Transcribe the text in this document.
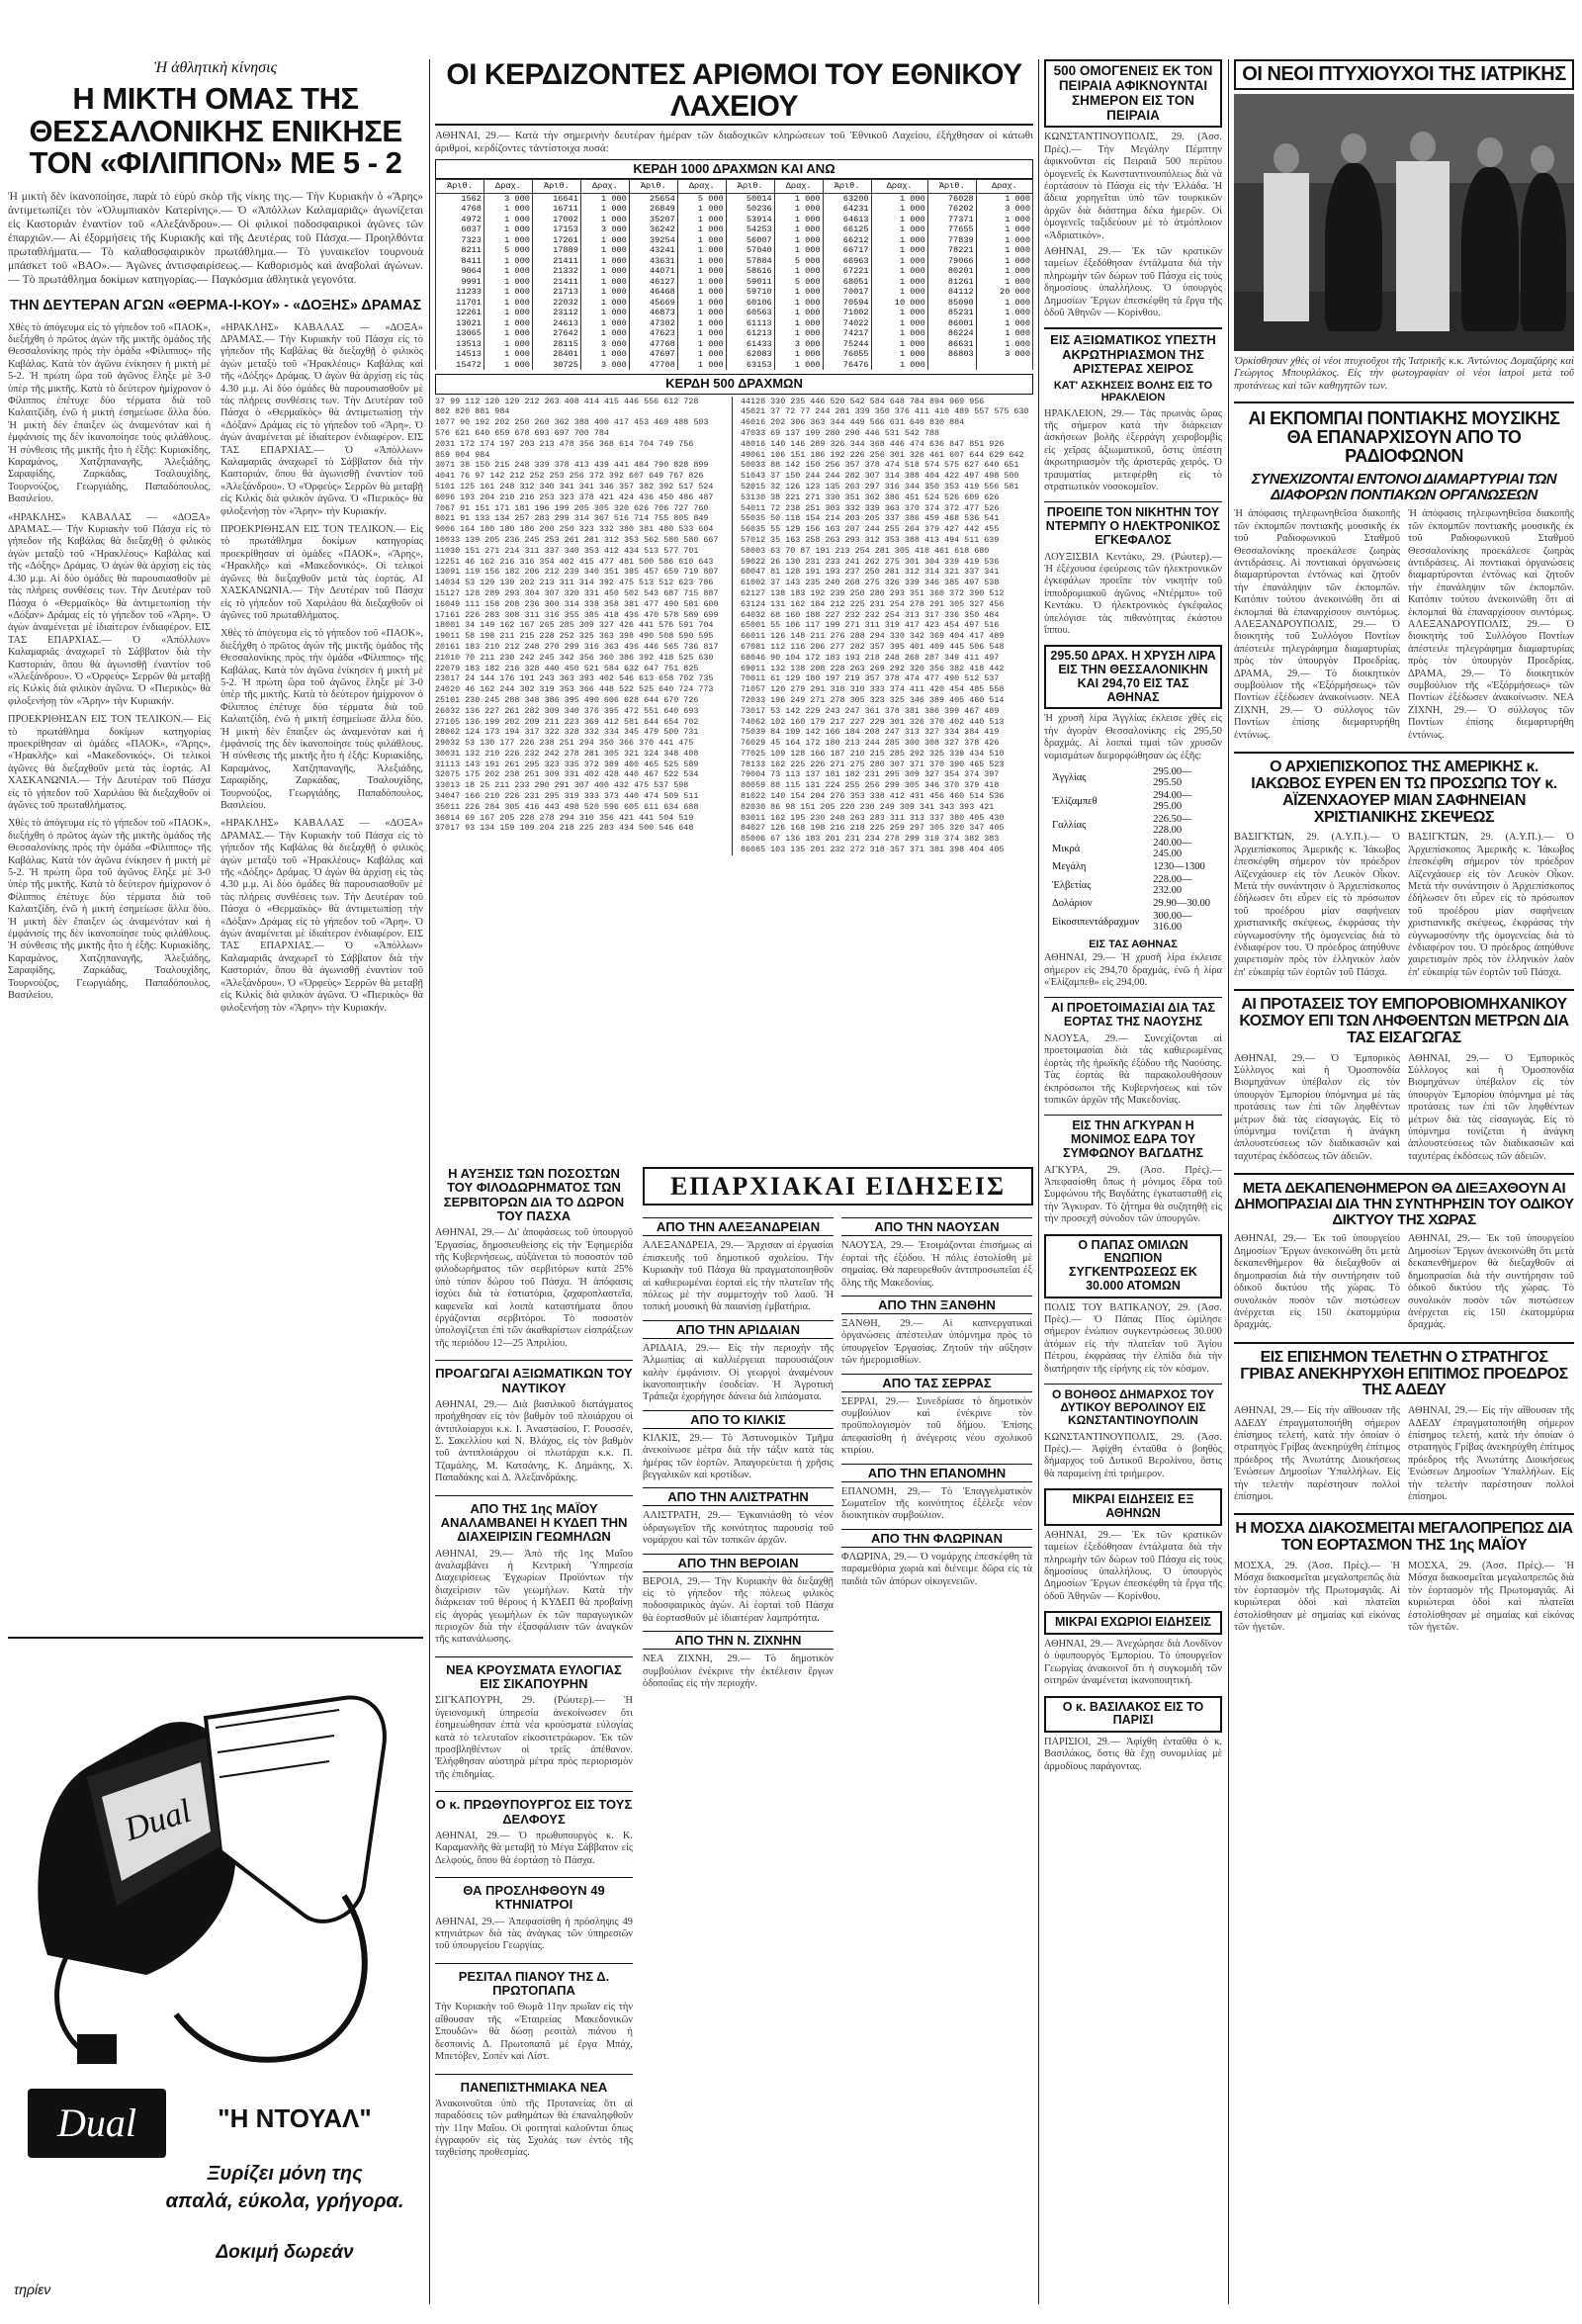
Ἡ ἀθλητικὴ κίνησις
Η ΜΙΚΤΗ ΟΜΑΣ ΤΗΣ ΘΕΣΣΑΛΟΝΙΚΗΣ ΕΝΙΚΗΣΕ ΤΟΝ «ΦΙΛΙΠΠΟΝ» ΜΕ 5 - 2
Ἡ μικτὴ δὲν ἱκανοποίησε, παρὰ τὸ εὐρὺ σκὸρ τῆς νίκης της.— Τὴν Κυριακὴν ὁ «Ἄρης» ἀντιμετωπίζει τὸν «Ὀλυμπιακὸν Κατερίνης».— Ὁ «Ἀπόλλων Καλαμαριᾶς» ἀγωνίζεται εἰς Καστοριὰν ἐναντίον τοῦ «Αλεξάνδρου».— Οἱ φιλικοὶ ποδοσφαιρικοὶ ἀγῶνες τῶν ἐπαρχιῶν.— Αἱ ἐξορμήσεις τῆς Κυριακῆς καὶ τῆς Δευτέρας τοῦ Πάσχα.— Προηλθόντα πρωταθλήματα.— Τὸ καλαθοσφαιρικὸν πρωτάθλημα.— Τὸ γυναικεῖον τουρνουὰ μπάσκετ τοῦ «ΒΑΟ».— Ἀγῶνες ἀντισφαιρίσεως.— Καθορισμὸς καὶ ἀναβολαὶ ἀγώνων.— Τὸ πρωτάθλημα δοκίμων κατηγορίας.— Παγκόσμια ἀθλητικὰ γεγονότα.
ΤΗΝ ΔΕΥΤΕΡΑΝ ΑΓΩΝ «ΘΕΡΜΑ-Ι-ΚΟΥ» - «ΔΟΞΗΣ» ΔΡΑΜΑΣ
Χθὲς τὸ ἀπόγευμα εἰς τὸ γήπεδον τοῦ «ΠΑΟΚ», διεξήχθη ὁ πρῶτος ἀγὼν τῆς μικτῆς ὁμάδος τῆς Θεσσαλονίκης πρὸς τὴν ὁμάδα «Φίλιππος» τῆς Καβάλας. Κατὰ τὸν ἀγῶνα ἐνίκησεν ἡ μικτὴ μὲ 5-2. Ἡ πρώτη ὥρα τοῦ ἀγῶνος ἔληξε μὲ 3-0 ὑπὲρ τῆς μικτῆς. Κατὰ τὸ δεύτερον ἡμίχρονον ὁ Φίλιππος ἐπέτυχε δύο τέρματα διὰ τοῦ Καλαιτζίδη, ἐνῶ ἡ μικτὴ ἐσημείωσε ἄλλα δύο. Ἡ μικτὴ δὲν ἔπαιξεν ὡς ἀναμενόταν καὶ ἡ ἐμφάνισίς της δὲν ἱκανοποίησε τοὺς φιλάθλους. Ἡ σύνθεσις τῆς μικτῆς ἦτο ἡ ἑξῆς: Κυριακίδης, Καραμάνος, Χατζηπαναγῆς, Ἀλεξιάδης, Σαραφίδης, Ζαρκάδας, Τσαλουχίδης, Τουρνούζος, Γεωργιάδης, Παπαδόπουλος, Βασιλείου.
«ΗΡΑΚΛΗΣ» ΚΑΒΑΛΑΣ — «ΔΟΞΑ» ΔΡΑΜΑΣ.— Τὴν Κυριακὴν τοῦ Πάσχα εἰς τὸ γήπεδον τῆς Καβάλας θὰ διεξαχθῇ ὁ φιλικὸς ἀγὼν μεταξὺ τοῦ «Ἡρακλέους» Καβάλας καὶ τῆς «Δόξης» Δράμας. Ὁ ἀγὼν θὰ ἀρχίσῃ εἰς τὰς 4.30 μ.μ. Αἱ δύο ὁμάδες θὰ παρουσιασθοῦν μὲ τὰς πλήρεις συνθέσεις των. Τὴν Δευτέραν τοῦ Πάσχα ὁ «Θερμαϊκὸς» θὰ ἀντιμετωπίσῃ τὴν «Δόξαν» Δράμας εἰς τὸ γήπεδον τοῦ «Ἄρη». Ὁ ἀγὼν ἀναμένεται μὲ ἰδιαίτερον ἐνδιαφέρον. ΕΙΣ ΤΑΣ ΕΠΑΡΧΙΑΣ.— Ὁ «Ἀπόλλων» Καλαμαριᾶς ἀναχωρεῖ τὸ Σάββατον διὰ τὴν Καστοριάν, ὅπου θὰ ἀγωνισθῇ ἐναντίον τοῦ «Ἀλεξάνδρου». Ὁ «Ὀρφεὺς» Σερρῶν θὰ μεταβῇ εἰς Κιλκὶς διὰ φιλικὸν ἀγῶνα. Ὁ «Πιερικὸς» θὰ φιλοξενήσῃ τὸν «Ἄρην» τὴν Κυριακήν.
ΠΡΟΕΚΡΙΘΗΣΑΝ ΕΙΣ ΤΟΝ ΤΕΛΙΚΟΝ.— Εἰς τὸ πρωτάθλημα δοκίμων κατηγορίας προεκρίθησαν αἱ ὁμάδες «ΠΑΟΚ», «Ἄρης», «Ἡρακλῆς» καὶ «Μακεδονικός». Οἱ τελικοὶ ἀγῶνες θὰ διεξαχθοῦν μετὰ τὰς ἑορτάς. ΑΙ ΧΑΣΚΑΝΩΝΙΑ.— Τὴν Δευτέραν τοῦ Πάσχα εἰς τὸ γήπεδον τοῦ Χαριλάου θὰ διεξαχθοῦν οἱ ἀγῶνες τοῦ πρωταθλήματος.
Χθὲς τὸ ἀπόγευμα εἰς τὸ γήπεδον τοῦ «ΠΑΟΚ», διεξήχθη ὁ πρῶτος ἀγὼν τῆς μικτῆς ὁμάδος τῆς Θεσσαλονίκης πρὸς τὴν ὁμάδα «Φίλιππος» τῆς Καβάλας. Κατὰ τὸν ἀγῶνα ἐνίκησεν ἡ μικτὴ μὲ 5-2. Ἡ πρώτη ὥρα τοῦ ἀγῶνος ἔληξε μὲ 3-0 ὑπὲρ τῆς μικτῆς. Κατὰ τὸ δεύτερον ἡμίχρονον ὁ Φίλιππος ἐπέτυχε δύο τέρματα διὰ τοῦ Καλαιτζίδη, ἐνῶ ἡ μικτὴ ἐσημείωσε ἄλλα δύο. Ἡ μικτὴ δὲν ἔπαιξεν ὡς ἀναμενόταν καὶ ἡ ἐμφάνισίς της δὲν ἱκανοποίησε τοὺς φιλάθλους. Ἡ σύνθεσις τῆς μικτῆς ἦτο ἡ ἑξῆς: Κυριακίδης, Καραμάνος, Χατζηπαναγῆς, Ἀλεξιάδης, Σαραφίδης, Ζαρκάδας, Τσαλουχίδης, Τουρνούζος, Γεωργιάδης, Παπαδόπουλος, Βασιλείου.
«ΗΡΑΚΛΗΣ» ΚΑΒΑΛΑΣ — «ΔΟΞΑ» ΔΡΑΜΑΣ.— Τὴν Κυριακὴν τοῦ Πάσχα εἰς τὸ γήπεδον τῆς Καβάλας θὰ διεξαχθῇ ὁ φιλικὸς ἀγὼν μεταξὺ τοῦ «Ἡρακλέους» Καβάλας καὶ τῆς «Δόξης» Δράμας. Ὁ ἀγὼν θὰ ἀρχίσῃ εἰς τὰς 4.30 μ.μ. Αἱ δύο ὁμάδες θὰ παρουσιασθοῦν μὲ τὰς πλήρεις συνθέσεις των. Τὴν Δευτέραν τοῦ Πάσχα ὁ «Θερμαϊκὸς» θὰ ἀντιμετωπίσῃ τὴν «Δόξαν» Δράμας εἰς τὸ γήπεδον τοῦ «Ἄρη». Ὁ ἀγὼν ἀναμένεται μὲ ἰδιαίτερον ἐνδιαφέρον. ΕΙΣ ΤΑΣ ΕΠΑΡΧΙΑΣ.— Ὁ «Ἀπόλλων» Καλαμαριᾶς ἀναχωρεῖ τὸ Σάββατον διὰ τὴν Καστοριάν, ὅπου θὰ ἀγωνισθῇ ἐναντίον τοῦ «Ἀλεξάνδρου». Ὁ «Ὀρφεὺς» Σερρῶν θὰ μεταβῇ εἰς Κιλκὶς διὰ φιλικὸν ἀγῶνα. Ὁ «Πιερικὸς» θὰ φιλοξενήσῃ τὸν «Ἄρην» τὴν Κυριακήν.
ΠΡΟΕΚΡΙΘΗΣΑΝ ΕΙΣ ΤΟΝ ΤΕΛΙΚΟΝ.— Εἰς τὸ πρωτάθλημα δοκίμων κατηγορίας προεκρίθησαν αἱ ὁμάδες «ΠΑΟΚ», «Ἄρης», «Ἡρακλῆς» καὶ «Μακεδονικός». Οἱ τελικοὶ ἀγῶνες θὰ διεξαχθοῦν μετὰ τὰς ἑορτάς. ΑΙ ΧΑΣΚΑΝΩΝΙΑ.— Τὴν Δευτέραν τοῦ Πάσχα εἰς τὸ γήπεδον τοῦ Χαριλάου θὰ διεξαχθοῦν οἱ ἀγῶνες τοῦ πρωταθλήματος.
Χθὲς τὸ ἀπόγευμα εἰς τὸ γήπεδον τοῦ «ΠΑΟΚ», διεξήχθη ὁ πρῶτος ἀγὼν τῆς μικτῆς ὁμάδος τῆς Θεσσαλονίκης πρὸς τὴν ὁμάδα «Φίλιππος» τῆς Καβάλας. Κατὰ τὸν ἀγῶνα ἐνίκησεν ἡ μικτὴ μὲ 5-2. Ἡ πρώτη ὥρα τοῦ ἀγῶνος ἔληξε μὲ 3-0 ὑπὲρ τῆς μικτῆς. Κατὰ τὸ δεύτερον ἡμίχρονον ὁ Φίλιππος ἐπέτυχε δύο τέρματα διὰ τοῦ Καλαιτζίδη, ἐνῶ ἡ μικτὴ ἐσημείωσε ἄλλα δύο. Ἡ μικτὴ δὲν ἔπαιξεν ὡς ἀναμενόταν καὶ ἡ ἐμφάνισίς της δὲν ἱκανοποίησε τοὺς φιλάθλους. Ἡ σύνθεσις τῆς μικτῆς ἦτο ἡ ἑξῆς: Κυριακίδης, Καραμάνος, Χατζηπαναγῆς, Ἀλεξιάδης, Σαραφίδης, Ζαρκάδας, Τσαλουχίδης, Τουρνούζος, Γεωργιάδης, Παπαδόπουλος, Βασιλείου.
«ΗΡΑΚΛΗΣ» ΚΑΒΑΛΑΣ — «ΔΟΞΑ» ΔΡΑΜΑΣ.— Τὴν Κυριακὴν τοῦ Πάσχα εἰς τὸ γήπεδον τῆς Καβάλας θὰ διεξαχθῇ ὁ φιλικὸς ἀγὼν μεταξὺ τοῦ «Ἡρακλέους» Καβάλας καὶ τῆς «Δόξης» Δράμας. Ὁ ἀγὼν θὰ ἀρχίσῃ εἰς τὰς 4.30 μ.μ. Αἱ δύο ὁμάδες θὰ παρουσιασθοῦν μὲ τὰς πλήρεις συνθέσεις των. Τὴν Δευτέραν τοῦ Πάσχα ὁ «Θερμαϊκὸς» θὰ ἀντιμετωπίσῃ τὴν «Δόξαν» Δράμας εἰς τὸ γήπεδον τοῦ «Ἄρη». Ὁ ἀγὼν ἀναμένεται μὲ ἰδιαίτερον ἐνδιαφέρον. ΕΙΣ ΤΑΣ ΕΠΑΡΧΙΑΣ.— Ὁ «Ἀπόλλων» Καλαμαριᾶς ἀναχωρεῖ τὸ Σάββατον διὰ τὴν Καστοριάν, ὅπου θὰ ἀγωνισθῇ ἐναντίον τοῦ «Ἀλεξάνδρου». Ὁ «Ὀρφεὺς» Σερρῶν θὰ μεταβῇ εἰς Κιλκὶς διὰ φιλικὸν ἀγῶνα. Ὁ «Πιερικὸς» θὰ φιλοξενήσῃ τὸν «Ἄρην» τὴν Κυριακήν.
Dual
Dual	"Η ΝΤΟΥΑΛ"
Ξυρίζει μόνη της
απαλά, εύκολα, γρήγορα.
Δοκιμή δωρεάν
τηρίεν
ΟΙ ΚΕΡΔΙΖΟΝΤΕΣ ΑΡΙΘΜΟΙ ΤΟΥ ΕΘΝΙΚΟΥ ΛΑΧΕΙΟΥ
ΑΘΗΝΑΙ, 29.— Κατὰ τὴν σημερινὴν δευτέραν ἡμέραν τῶν διαδοχικῶν κληρώσεων τοῦ Ἐθνικοῦ Λαχείου, ἐξήχθησαν οἱ κάτωθι ἀριθμοί, κερδίζοντες τἀντίστοιχα ποσά:
ΚΕΡΔΗ 1000 ΔΡΑΧΜΩΝ ΚΑΙ ΑΝΩ
Ἀριθ.	Δραχ.	Ἀριθ.	Δραχ.	Ἀριθ.	Δραχ.	Ἀριθ.	Δραχ.	Ἀριθ.	Δραχ.	Ἀριθ.	Δραχ.
1562	3 000	16641	1 000	25654	5 000	50014	1 000	63200	1 000	76028	1 000
4768	1 000	16711	1 000	26849	1 000	50236	1 000	64231	1 000	76202	3 000
4972	1 000	17002	1 000	35207	1 000	53914	1 000	64613	1 000	77371	1 000
6037	1 000	17153	3 000	36242	1 000	54253	1 000	66125	1 000	77655	1 000
7323	1 000	17261	1 000	39254	1 000	56007	1 000	66212	1 000	77839	1 000
8211	5 000	17889	1 000	43241	1 000	57040	1 000	66717	1 000	78221	1 000
8411	1 000	21411	1 000	43631	1 000	57884	5 000	66963	1 000	79066	1 000
9064	1 000	21332	1 000	44071	1 000	58616	1 000	67221	1 000	80201	1 000
9991	1 000	21411	1 000	46127	1 000	59011	5 000	68051	1 000	81261	1 000
11233	1 000	21713	1 000	46468	1 000	59710	1 000	70017	1 000	84112	20 000
11701	1 000	22032	1 000	45669	1 000	60106	1 000	70594	10 000	85090	1 000
12261	1 000	23112	1 000	46873	1 000	60563	1 000	71002	1 000	85231	1 000
13021	1 000	24613	1 000	47302	1 000	61113	1 000	74022	1 000	86001	1 000
13065	1 000	27642	1 000	47623	1 000	61213	1 000	74217	1 000	86224	1 000
13513	1 000	28115	3 000	47768	1 000	61433	3 000	75244	1 000	86631	1 000
14513	1 000	28401	1 000	47697	1 000	62083	1 000	76055	1 000	86803	3 000
15472	1 000	30725	3 000	47708	1 000	63153	1 000	76476	1 000		
ΚΕΡΔΗ 500 ΔΡΑΧΜΩΝ
37 99 112 120 129 212 263 408 414 415 446 556 612 728
802 820 881 984
1077 90 192 202 250 260 362 388 400 417 453 469 488 503
576 621 640 659 678 693 697 700 784
2031 172 174 197 203 213 478 356 368 614 704 749 756
859 904 984
3071 38 150 215 248 339 378 413 439 441 484 790 828 899
4041 76 97 142 212 252 253 256 372 392 607 649 767 826
5101 125 161 248 312 340 341 341 346 357 382 392 517 524
6096 193 204 210 216 253 323 378 421 424 436 450 486 487
7067 91 151 171 181 196 199 205 305 320 626 706 727 760
8021 91 133 134 257 283 299 314 367 516 714 755 805 849
9006 164 180 180 186 200 250 323 332 380 381 480 533 604
10033 139 205 236 245 253 261 281 312 353 562 580 580 667
11030 151 271 214 311 337 340 353 412 434 513 577 701
12251 46 162 216 316 354 402 415 477 481 500 586 610 643
13091 119 156 182 206 212 239 340 351 385 457 659 719 807
14034 53 129 139 202 213 311 314 392 475 513 512 623 786
15127 128 289 293 304 307 320 331 450 502 543 687 715 887
16049 111 158 208 236 300 314 338 358 381 477 490 581 600
17161 226 283 308 311 316 355 385 418 436 470 578 589 699
18001 34 149 162 167 265 285 309 327 426 441 576 591 704
19011 58 198 211 215 228 252 325 363 398 490 508 590 595
20161 183 210 212 248 270 299 316 363 436 446 565 736 817
21010 70 211 230 242 245 342 356 360 386 392 418 525 630
22079 183 182 216 328 440 450 521 584 632 647 751 825
23017 24 144 176 191 243 363 393 402 546 613 658 702 735
24020 46 162 244 302 319 353 366 448 522 525 640 724 773
25101 230 245 288 348 386 395 490 606 628 644 670 726
26032 136 227 261 282 309 340 376 395 472 551 640 693
27105 136 199 202 209 211 223 369 412 581 644 654 702
28062 124 173 194 317 322 328 332 334 345 479 500 731
29032 53 130 177 226 238 251 294 350 366 370 441 475
30031 132 210 226 232 242 278 281 305 321 324 348 408
31113 143 191 261 295 323 335 372 389 400 465 525 589
32075 175 202 238 251 309 331 402 428 440 467 522 534
33013 18 25 211 233 290 291 307 400 432 475 537 598
34047 166 210 226 231 295 319 333 373 440 474 509 511
35011 226 284 305 416 443 498 520 596 605 611 634 688
36014 69 167 205 228 278 294 310 356 421 441 504 519
37017 93 134 159 189 204 218 225 283 434 500 546 648
44128 330 235 446 520 542 584 648 784 894 969 956
45021 37 72 77 244 281 339 350 376 411 410 489 557 575 630
46016 202 306 363 344 449 566 631 640 830 884
47033 69 137 199 280 290 446 531 542 788
48016 140 146 289 326 344 368 446 474 636 847 851 926
49061 106 151 186 192 226 256 301 326 461 607 644 629 642
50033 88 142 150 256 357 378 474 518 574 575 627 640 651
51043 37 150 244 244 282 307 314 388 404 422 497 498 500
52015 32 126 123 135 263 297 316 344 350 353 419 556 581
53130 38 221 271 330 351 362 386 451 524 526 609 626
54011 72 238 251 303 332 339 363 370 374 372 477 526
55035 50 118 154 214 203 205 337 386 459 468 536 541
56035 55 129 156 163 207 244 255 264 379 427 442 455
57012 35 163 258 263 293 312 353 388 413 494 511 639
58003 63 70 87 191 213 254 281 305 418 461 618 680
59022 26 130 231 233 241 262 275 301 304 339 419 536
60047 81 128 191 193 237 250 281 312 314 321 337 341
61002 37 143 235 240 268 275 326 339 346 385 497 538
62127 138 183 192 239 250 280 293 351 360 372 390 512
63124 131 162 184 212 225 231 254 278 291 305 327 456
64032 68 160 188 227 232 232 254 313 317 336 350 484
65001 55 106 117 199 271 311 319 417 423 454 497 516
66011 126 148 211 276 288 294 330 342 369 404 417 489
67081 112 116 206 277 282 357 395 401 409 445 506 548
68046 90 104 172 183 193 218 248 268 287 349 411 497
69011 132 138 208 228 263 269 292 320 356 382 418 442
70011 61 129 180 197 219 357 378 474 477 490 512 537
71057 120 279 291 318 310 333 374 411 420 454 485 558
72033 196 249 271 278 305 323 325 346 389 405 460 514
73017 53 142 229 243 247 361 378 381 386 399 467 489
74062 102 160 179 217 227 229 301 326 370 402 440 513
75039 84 109 142 166 184 208 247 313 327 334 384 419
76029 45 164 172 180 213 244 285 300 308 327 378 426
77025 109 128 166 187 210 215 285 292 325 339 434 510
78133 162 225 226 271 275 280 307 371 370 390 465 523
79004 73 113 137 181 182 231 295 309 327 354 374 397
80059 88 115 131 224 255 256 299 305 346 370 379 418
81022 140 154 204 276 353 338 412 431 456 460 514 536
82030 86 98 151 205 220 230 249 309 341 343 393 421
83011 162 195 230 248 263 283 311 313 337 380 405 430
84027 126 168 198 216 218 225 259 297 305 320 347 405
85006 67 136 183 201 231 234 278 299 319 374 382 383
86085 103 135 201 232 272 318 357 371 381 398 404 405
Η ΑΥΞΗΣΙΣ ΤΩΝ ΠΟΣΟΣΤΩΝ ΤΟΥ ΦΙΛΟΔΩΡΗΜΑΤΟΣ ΤΩΝ ΣΕΡΒΙΤΟΡΩΝ ΔΙΑ ΤΟ ΔΩΡΟΝ ΤΟΥ ΠΑΣΧΑ
ΑΘΗΝΑΙ, 29.— Δι' ἀποφάσεως τοῦ ὑπουργοῦ Ἐργασίας, δημοσιευθείσης εἰς τὴν Ἐφημερίδα τῆς Κυβερνήσεως, αὐξάνεται τὸ ποσοστὸν τοῦ φιλοδωρήματος τῶν σερβιτόρων κατὰ 25% ὑπὸ τύπον δώρου τοῦ Πάσχα. Ἡ ἀπόφασις ἰσχύει διὰ τὰ ἑστιατόρια, ζαχαροπλαστεῖα, καφενεῖα καὶ λοιπὰ καταστήματα ὅπου ἐργάζονται σερβιτόροι. Τὸ ποσοστὸν ὑπολογίζεται ἐπὶ τῶν ἀκαθαρίστων εἰσπράξεων τῆς περιόδου 12—25 Ἀπριλίου.
ΠΡΟΑΓΩΓΑΙ ΑΞΙΩΜΑΤΙΚΩΝ ΤΟΥ ΝΑΥΤΙΚΟΥ
ΑΘΗΝΑΙ, 29.— Διὰ βασιλικοῦ διατάγματος προήχθησαν εἰς τὸν βαθμὸν τοῦ πλοιάρχου οἱ ἀντιπλοίαρχοι κ.κ. Ι. Ἀναστασίου, Γ. Ρουσσέν, Σ. Σακελλίου καὶ Ν. Βλάχος, εἰς τὸν βαθμὸν τοῦ ἀντιπλοιάρχου οἱ πλωτάρχαι κ.κ. Π. Τζαμάλης, Μ. Κατσάνης, Κ. Δημάκης, Χ. Παπαδάκης καὶ Δ. Ἀλεξανδράκης.
ΑΠΟ ΤΗΣ 1ης ΜΑΪΟΥ ΑΝΑΛΑΜΒΑΝΕΙ Η ΚΥΔΕΠ ΤΗΝ ΔΙΑΧΕΙΡΙΣΙΝ ΓΕΩΜΗΛΩΝ
ΑΘΗΝΑΙ, 29.— Ἀπὸ τῆς 1ης Μαΐου ἀναλαμβάνει ἡ Κεντρικὴ Ὑπηρεσία Διαχειρίσεως Ἐγχωρίων Προϊόντων τὴν διαχείρισιν τῶν γεωμήλων. Κατὰ τὴν διάρκειαν τοῦ θέρους ἡ ΚΥΔΕΠ θὰ προβαίνῃ εἰς ἀγορὰς γεωμήλων ἐκ τῶν παραγωγικῶν περιοχῶν διὰ τὴν ἐξασφάλισιν τῶν ἀναγκῶν τῆς κατανάλωσης.
ΝΕΑ ΚΡΟΥΣΜΑΤΑ ΕΥΛΟΓΙΑΣ ΕΙΣ ΣΙΚΑΠΟΥΡΗΝ
ΣΙΓΚΑΠΟΥΡΗ, 29. (Ρώυτερ).— Ἡ ὑγειονομικὴ ὑπηρεσία ἀνεκοίνωσεν ὅτι ἐσημειώθησαν ἐπτὰ νέα κρούσματα εὐλογίας κατὰ τὸ τελευταῖον εἰκοσιτετράωρον. Ἐκ τῶν προσβληθέντων οἱ τρεῖς ἀπέθανον. Ἐλήφθησαν αὐστηρὰ μέτρα πρὸς περιορισμὸν τῆς ἐπιδημίας.
Ο κ. ΠΡΩΘΥΠΟΥΡΓΟΣ ΕΙΣ ΤΟΥΣ ΔΕΛΦΟΥΣ
ΑΘΗΝΑΙ, 29.— Ὁ πρωθυπουργὸς κ. Κ. Καραμανλῆς θὰ μεταβῇ τὸ Μέγα Σάββατον εἰς Δελφούς, ὅπου θὰ ἑορτάσῃ τὸ Πάσχα.
ΘΑ ΠΡΟΣΛΗΦΘΟΥΝ 49 ΚΤΗΝΙΑΤΡΟΙ
ΑΘΗΝΑΙ, 29.— Ἀπεφασίσθη ἡ πρόσληψις 49 κτηνιάτρων διὰ τὰς ἀνάγκας τῶν ὑπηρεσιῶν τοῦ ὑπουργείου Γεωργίας.
ΡΕΣΙΤΑΛ ΠΙΑΝΟΥ ΤΗΣ Δ. ΠΡΩΤΟΠΑΠΑ
Τὴν Κυριακὴν τοῦ Θωμᾶ 11ην πρωΐαν εἰς τὴν αἴθουσαν τῆς «Ἑταιρείας Μακεδονικῶν Σπουδῶν» θὰ δώσῃ ρεσιτὰλ πιάνου ἡ δεσποινὶς Δ. Πρωτοπαπᾶ μὲ ἔργα Μπάχ, Μπετόβεν, Σοπὲν καὶ Λίστ.
ΠΑΝΕΠΙΣΤΗΜΙΑΚΑ ΝΕΑ
Ἀνακοινοῦται ὑπὸ τῆς Πρυτανείας ὅτι αἱ παραδόσεις τῶν μαθημάτων θὰ ἐπαναληφθοῦν τὴν 11ην Μαΐου. Οἱ φοιτηταὶ καλοῦνται ὅπως ἐγγραφοῦν εἰς τὰς Σχολάς των ἐντὸς τῆς ταχθείσης προθεσμίας.
ΕΠΑΡΧΙΑΚΑΙ ΕΙΔΗΣΕΙΣ
ΑΠΟ ΤΗΝ ΑΛΕΞΑΝΔΡΕΙΑΝ
ΑΛΕΞΑΝΔΡΕΙΑ, 29.— Ἄρχισαν αἱ ἐργασίαι ἐπισκευῆς τοῦ δημοτικοῦ σχολείου. Τὴν Κυριακὴν τοῦ Πάσχα θὰ πραγματοποιηθοῦν αἱ καθιερωμέναι ἑορταὶ εἰς τὴν πλατεῖαν τῆς πόλεως μὲ τὴν συμμετοχὴν τοῦ λαοῦ. Ἡ τοπικὴ μουσικὴ θὰ παιανίσῃ ἐμβατήρια.
ΑΠΟ ΤΗΝ ΑΡΙΔΑΙΑΝ
ΑΡΙΔΑΙΑ, 29.— Εἰς τὴν περιοχὴν τῆς Ἀλμωπίας αἱ καλλιέργειαι παρουσιάζουν καλὴν ἐμφάνισιν. Οἱ γεωργοὶ ἀναμένουν ἱκανοποιητικὴν ἐσοδείαν. Ἡ Ἀγροτικὴ Τράπεζα ἐχορήγησε δάνεια διὰ λιπάσματα.
ΑΠΟ ΤΟ ΚΙΛΚΙΣ
ΚΙΛΚΙΣ, 29.— Τὸ Ἀστυνομικὸν Τμῆμα ἀνεκοίνωσε μέτρα διὰ τὴν τάξιν κατὰ τὰς ἡμέρας τῶν ἑορτῶν. Ἀπαγορεύεται ἡ χρῆσις βεγγαλικῶν καὶ κροτίδων.
ΑΠΟ ΤΗΝ ΑΛΙΣΤΡΑΤΗΝ
ΑΛΙΣΤΡΑΤΗ, 29.— Ἐγκαινιάσθη τὸ νέον ὑδραγωγεῖον τῆς κοινότητος παρουσίᾳ τοῦ νομάρχου καὶ τῶν τοπικῶν ἀρχῶν.
ΑΠΟ ΤΗΝ ΒΕΡΟΙΑΝ
ΒΕΡΟΙΑ, 29.— Τὴν Κυριακὴν θὰ διεξαχθῇ εἰς τὸ γήπεδον τῆς πόλεως φιλικὸς ποδοσφαιρικὸς ἀγών. Αἱ ἑορταὶ τοῦ Πάσχα θὰ ἑορτασθοῦν μὲ ἰδιαιτέραν λαμπρότητα.
ΑΠΟ ΤΗΝ Ν. ΖΙΧΝΗΝ
ΝΕΑ ΖΙΧΝΗ, 29.— Τὸ δημοτικὸν συμβούλιον ἐνέκρινε τὴν ἐκτέλεσιν ἔργων ὁδοποιΐας εἰς τὴν περιοχήν.
ΑΠΟ ΤΗΝ ΝΑΟΥΣΑΝ
ΝΑΟΥΣΑ, 29.— Ἐτοιμάζονται ἐπισήμως αἱ ἑορταὶ τῆς ἐξόδου. Ἡ πόλις ἐστολίσθη μὲ σημαίας. Θὰ παρευρεθοῦν ἀντιπροσωπεῖαι ἐξ ὅλης τῆς Μακεδονίας.
ΑΠΟ ΤΗΝ ΞΑΝΘΗΝ
ΞΑΝΘΗ, 29.— Αἱ καπνεργατικαὶ ὀργανώσεις ἀπέστειλαν ὑπόμνημα πρὸς τὸ ὑπουργεῖον Ἐργασίας. Ζητοῦν τὴν αὔξησιν τῶν ἡμερομισθίων.
ΑΠΟ ΤΑΣ ΣΕΡΡΑΣ
ΣΕΡΡΑΙ, 29.— Συνεδρίασε τὸ δημοτικὸν συμβούλιον καὶ ἐνέκρινε τὸν προϋπολογισμὸν τοῦ δήμου. Ἐπίσης ἀπεφασίσθη ἡ ἀνέγερσις νέου σχολικοῦ κτιρίου.
ΑΠΟ ΤΗΝ ΕΠΑΝΟΜΗΝ
ΕΠΑΝΟΜΗ, 29.— Τὸ Ἐπαγγελματικὸν Σωματεῖον τῆς κοινότητος ἐξέλεξε νέον διοικητικὸν συμβούλιον.
ΑΠΟ ΤΗΝ ΦΛΩΡΙΝΑΝ
ΦΛΩΡΙΝΑ, 29.— Ὁ νομάρχης ἐπεσκέφθη τὰ παραμεθόρια χωριὰ καὶ διένειμε δῶρα εἰς τὰ παιδιὰ τῶν ἀπόρων οἰκογενειῶν.
500 ΟΜΟΓΕΝΕΙΣ ΕΚ ΤΟΝ ΠΕΙΡΑΙΑ ΑΦΙΚΝΟΥΝΤΑΙ ΣΗΜΕΡΟΝ ΕΙΣ ΤΟΝ ΠΕΙΡΑΙΑ
ΚΩΝΣΤΑΝΤΙΝΟΥΠΟΛΙΣ, 29. (Ἀσσ. Πρὲς).— Τὴν Μεγάλην Πέμπτην ἀφικνοῦνται εἰς Πειραιᾶ 500 περίπου ὁμογενεῖς ἐκ Κωνσταντινουπόλεως διὰ νὰ ἑορτάσουν τὸ Πάσχα εἰς τὴν Ἑλλάδα. Ἡ ἄδεια χορηγεῖται ὑπὸ τῶν τουρκικῶν ἀρχῶν διὰ διάστημα δέκα ἡμερῶν. Οἱ ὁμογενεῖς ταξιδεύουν μὲ τὸ ἀτμόπλοιον «Ἀδριατικόν».
ΑΘΗΝΑΙ, 29.— Ἐκ τῶν κρατικῶν ταμείων ἐξεδόθησαν ἐντάλματα διὰ τὴν πληρωμὴν τῶν δώρων τοῦ Πάσχα εἰς τοὺς δημοσίους ὑπαλλήλους. Ὁ ὑπουργὸς Δημοσίων Ἔργων ἐπεσκέφθη τὰ ἔργα τῆς ὁδοῦ Ἀθηνῶν — Κορίνθου.
ΕΙΣ ΑΞΙΩΜΑΤΙΚΟΣ ΥΠΕΣΤΗ ΑΚΡΩΤΗΡΙΑΣΜΟΝ ΤΗΣ ΑΡΙΣΤΕΡΑΣ ΧΕΙΡΟΣ
ΚΑΤ' ΑΣΚΗΣΕΙΣ ΒΟΛΗΣ ΕΙΣ ΤΟ ΗΡΑΚΛΕΙΟΝ
ΗΡΑΚΛΕΙΟΝ, 29.— Τὰς πρωινὰς ὥρας τῆς σήμερον κατὰ τὴν διάρκειαν ἀσκήσεων βολῆς ἐξερράγη χειροβομβὶς εἰς χεῖρας ἀξιωματικοῦ, ὅστις ὑπέστη ἀκρωτηριασμὸν τῆς ἀριστερᾶς χειρός. Ὁ τραυματίας μετεφέρθη εἰς τὸ στρατιωτικὸν νοσοκομεῖον.
ΠΡΟΕΙΠΕ ΤΟΝ ΝΙΚΗΤΗΝ ΤΟΥ ΝΤΕΡΜΠΥ Ο ΗΛΕΚΤΡΟΝΙΚΟΣ ΕΓΚΕΦΑΛΟΣ
ΛΟΥΞΙΣΒΙΛ Κεντάκυ, 29. (Ρώυτερ).— Ἡ ἐξέχουσα ἐφεύρεσις τῶν ἠλεκτρονικῶν ἐγκεφάλων προεῖπε τὸν νικητὴν τοῦ ἱπποδρομιακοῦ ἀγῶνος «Ντέρμπυ» τοῦ Κεντάκυ. Ὁ ἠλεκτρονικὸς ἐγκέφαλος ὑπελόγισε τὰς πιθανότητας ἑκάστου ἵππου.
295.50 ΔΡΑΧ. Η ΧΡΥΣΗ ΛΙΡΑ ΕΙΣ ΤΗΝ ΘΕΣΣΑΛΟΝΙΚΗΝ ΚΑΙ 294,70 ΕΙΣ ΤΑΣ ΑΘΗΝΑΣ
Ἡ χρυσῆ λίρα Ἀγγλίας ἐκλεισε χθὲς εἰς τὴν ἀγορὰν Θεσσαλονίκης εἰς 295,50 δραχμάς. Αἱ λοιπαὶ τιμαὶ τῶν χρυσῶν νομισμάτων διεμορφώθησαν ὡς ἑξῆς:
Ἀγγλίας	295.00—295.50
Ἐλίζαμπεθ	294.00—295.00
Γαλλίας	226.50—228.00
Μικρά	240.00—245.00
Μεγάλη	1230—1300
Ἐλβετίας	228.00—232.00
Δολάριον	29.90—30.00
Εἰκοσιπεντάδραχμον	300.00—316.00
ΕΙΣ ΤΑΣ ΑΘΗΝΑΣ
ΑΘΗΝΑΙ, 29.— Ἡ χρυσῆ λίρα ἐκλεισε σήμερον εἰς 294,70 δραχμάς, ἐνῶ ἡ λίρα «Ἐλίζαμπεθ» εἰς 294,00.
ΑΙ ΠΡΟΕΤΟΙΜΑΣΙΑΙ ΔΙΑ ΤΑΣ ΕΟΡΤΑΣ ΤΗΣ ΝΑΟΥΣΗΣ
ΝΑΟΥΣΑ, 29.— Συνεχίζονται αἱ προετοιμασίαι διὰ τὰς καθιερωμένας ἑορτὰς τῆς ἡρωϊκῆς ἐξόδου τῆς Ναούσης. Τὰς ἑορτὰς θὰ παρακολουθήσουν ἐκπρόσωποι τῆς Κυβερνήσεως καὶ τῶν τοπικῶν ἀρχῶν τῆς Μακεδονίας.
ΕΙΣ ΤΗΝ ΑΓΚΥΡΑΝ Η ΜΟΝΙΜΟΣ ΕΔΡΑ ΤΟΥ ΣΥΜΦΩΝΟΥ ΒΑΓΔΑΤΗΣ
ΑΓΚΥΡΑ, 29. (Ἀσσ. Πρὲς).— Ἀπεφασίσθη ὅπως ἡ μόνιμος ἕδρα τοῦ Συμφώνου τῆς Βαγδάτης ἐγκατασταθῇ εἰς τὴν Ἄγκυραν. Τὸ ζήτημα θὰ συζητηθῇ εἰς τὴν προσεχῆ σύνοδον τῶν ὑπουργῶν.
Ο ΠΑΠΑΣ ΟΜΙΛΩΝ ΕΝΩΠΙΟΝ ΣΥΓΚΕΝΤΡΩΣΕΩΣ ΕΚ 30.000 ΑΤΟΜΩΝ
ΠΟΛΙΣ ΤΟΥ ΒΑΤΙΚΑΝΟΥ, 29. (Ἀσσ. Πρὲς).— Ὁ Πάπας Πῖος ὡμίλησε σήμερον ἐνώπιον συγκεντρώσεως 30.000 ἀτόμων εἰς τὴν πλατεῖαν τοῦ Ἁγίου Πέτρου, ἐκφράσας τὴν ἐλπίδα διὰ τὴν διατήρησιν τῆς εἰρήνης εἰς τὸν κόσμον.
Ο ΒΟΗΘΟΣ ΔΗΜΑΡΧΟΣ ΤΟΥ ΔΥΤΙΚΟΥ ΒΕΡΟΛΙΝΟΥ ΕΙΣ ΚΩΝΣΤΑΝΤΙΝΟΥΠΟΛΙΝ
ΚΩΝΣΤΑΝΤΙΝΟΥΠΟΛΙΣ, 29. (Ἀσσ. Πρὲς).— Ἀφίχθη ἐνταῦθα ὁ βοηθὸς δήμαρχος τοῦ Δυτικοῦ Βερολίνου, ὅστις θὰ παραμείνῃ ἐπὶ τριήμερον.
ΜΙΚΡΑΙ ΕΙΔΗΣΕΙΣ ΕΞ ΑΘΗΝΩΝ
ΑΘΗΝΑΙ, 29.— Ἐκ τῶν κρατικῶν ταμείων ἐξεδόθησαν ἐντάλματα διὰ τὴν πληρωμὴν τῶν δώρων τοῦ Πάσχα εἰς τοὺς δημοσίους ὑπαλλήλους. Ὁ ὑπουργὸς Δημοσίων Ἔργων ἐπεσκέφθη τὰ ἔργα τῆς ὁδοῦ Ἀθηνῶν — Κορίνθου.
ΜΙΚΡΑΙ ΕΧΩΡΙΟΙ ΕΙΔΗΣΕΙΣ
ΑΘΗΝΑΙ, 29.— Ἀνεχώρησε διὰ Λονδῖνον ὁ ὑφυπουργὸς Ἐμπορίου. Τὸ ὑπουργεῖον Γεωργίας ἀνακοινοῖ ὅτι ἡ συγκομιδὴ τῶν σιτηρῶν ἀναμένεται ἱκανοποιητική.
Ο κ. ΒΑΣΙΛΑΚΟΣ ΕΙΣ ΤΟ ΠΑΡΙΣΙ
ΠΑΡΙΣΙΟΙ, 29.— Ἀφίχθη ἐνταῦθα ὁ κ. Βασιλάκος, ὅστις θὰ ἔχῃ συνομιλίας μὲ ἁρμοδίους παράγοντας.
ΟΙ ΝΕΟΙ ΠΤΥΧΙΟΥΧΟΙ ΤΗΣ ΙΑΤΡΙΚΗΣ
Ὁρκίσθησαν χθὲς οἱ νέοι πτυχιοῦχοι τῆς Ἰατρικῆς κ.κ. Ἀντώνιος Δομαζάρης καὶ Γεώργιος Μπουρλάκος. Εἰς τὴν φωτογραφίαν οἱ νέοι ἰατροὶ μετὰ τοῦ πρυτάνεως καὶ τῶν καθηγητῶν των.
ΑΙ ΕΚΠΟΜΠΑΙ ΠΟΝΤΙΑΚΗΣ ΜΟΥΣΙΚΗΣ ΘΑ ΕΠΑΝΑΡΧΙΣΟΥΝ ΑΠΟ ΤΟ ΡΑΔΙΟΦΩΝΟΝ
ΣΥΝΕΧΙΖΟΝΤΑΙ ΕΝΤΟΝΟΙ ΔΙΑΜΑΡΤΥΡΙΑΙ ΤΩΝ ΔΙΑΦΟΡΩΝ ΠΟΝΤΙΑΚΩΝ ΟΡΓΑΝΩΣΕΩΝ
Ἡ ἀπόφασις τηλεφωνηθεῖσα διακοπῆς τῶν ἐκπομπῶν ποντιακῆς μουσικῆς ἐκ τοῦ Ραδιοφωνικοῦ Σταθμοῦ Θεσσαλονίκης προεκάλεσε ζωηρὰς ἀντιδράσεις. Αἱ ποντιακαὶ ὀργανώσεις διαμαρτύρονται ἐντόνως καὶ ζητοῦν τὴν ἐπανάληψιν τῶν ἐκπομπῶν. Κατόπιν τούτου ἀνεκοινώθη ὅτι αἱ ἐκπομπαὶ θὰ ἐπαναρχίσουν συντόμως. ΑΛΕΞΑΝΔΡΟΥΠΟΛΙΣ, 29.— Ὁ διοικητὴς τοῦ Συλλόγου Ποντίων ἀπέστειλε τηλεγράφημα διαμαρτυρίας πρὸς τὸν ὑπουργὸν Προεδρίας. ΔΡΑΜΑ, 29.— Τὸ διοικητικὸν συμβούλιον τῆς «Ἐξόρμήσεως» τῶν Ποντίων ἐξέδωσεν ἀνακοίνωσιν. ΝΕΑ ΖΙΧΝΗ, 29.— Ὁ σύλλογος τῶν Ποντίων ἐπίσης διεμαρτυρήθη ἐντόνως.
Ἡ ἀπόφασις τηλεφωνηθεῖσα διακοπῆς τῶν ἐκπομπῶν ποντιακῆς μουσικῆς ἐκ τοῦ Ραδιοφωνικοῦ Σταθμοῦ Θεσσαλονίκης προεκάλεσε ζωηρὰς ἀντιδράσεις. Αἱ ποντιακαὶ ὀργανώσεις διαμαρτύρονται ἐντόνως καὶ ζητοῦν τὴν ἐπανάληψιν τῶν ἐκπομπῶν. Κατόπιν τούτου ἀνεκοινώθη ὅτι αἱ ἐκπομπαὶ θὰ ἐπαναρχίσουν συντόμως. ΑΛΕΞΑΝΔΡΟΥΠΟΛΙΣ, 29.— Ὁ διοικητὴς τοῦ Συλλόγου Ποντίων ἀπέστειλε τηλεγράφημα διαμαρτυρίας πρὸς τὸν ὑπουργὸν Προεδρίας. ΔΡΑΜΑ, 29.— Τὸ διοικητικὸν συμβούλιον τῆς «Ἐξόρμήσεως» τῶν Ποντίων ἐξέδωσεν ἀνακοίνωσιν. ΝΕΑ ΖΙΧΝΗ, 29.— Ὁ σύλλογος τῶν Ποντίων ἐπίσης διεμαρτυρήθη ἐντόνως.
Ο ΑΡΧΙΕΠΙΣΚΟΠΟΣ ΤΗΣ ΑΜΕΡΙΚΗΣ κ. ΙΑΚΩΒΟΣ ΕΥΡΕΝ ΕΝ ΤΩ ΠΡΟΣΩΠΩ ΤΟΥ κ. ΑΪΖΕΝΧΑΟΥΕΡ ΜΙΑΝ ΣΑΦΗΝΕΙΑΝ ΧΡΙΣΤΙΑΝΙΚΗΣ ΣΚΕΨΕΩΣ
ΒΑΣΙΓΚΤΩΝ, 29. (Α.Υ.Π.).— Ὁ Ἀρχιεπίσκοπος Ἀμερικῆς κ. Ἰάκωβος ἐπεσκέφθη σήμερον τὸν πρόεδρον Αϊζενχάουερ εἰς τὸν Λευκὸν Οἶκον. Μετὰ τὴν συνάντησιν ὁ Ἀρχιεπίσκοπος ἐδήλωσεν ὅτι εὗρεν εἰς τὸ πρόσωπον τοῦ προέδρου μίαν σαφήνειαν χριστιανικῆς σκέψεως, ἐκφράσας τὴν εὐγνωμοσύνην τῆς ὁμογενείας διὰ τὸ ἐνδιαφέρον του. Ὁ πρόεδρος ἀπηύθυνε χαιρετισμὸν πρὸς τὸν ἑλληνικὸν λαὸν ἐπ' εὐκαιρίᾳ τῶν ἑορτῶν τοῦ Πάσχα.
ΒΑΣΙΓΚΤΩΝ, 29. (Α.Υ.Π.).— Ὁ Ἀρχιεπίσκοπος Ἀμερικῆς κ. Ἰάκωβος ἐπεσκέφθη σήμερον τὸν πρόεδρον Αϊζενχάουερ εἰς τὸν Λευκὸν Οἶκον. Μετὰ τὴν συνάντησιν ὁ Ἀρχιεπίσκοπος ἐδήλωσεν ὅτι εὗρεν εἰς τὸ πρόσωπον τοῦ προέδρου μίαν σαφήνειαν χριστιανικῆς σκέψεως, ἐκφράσας τὴν εὐγνωμοσύνην τῆς ὁμογενείας διὰ τὸ ἐνδιαφέρον του. Ὁ πρόεδρος ἀπηύθυνε χαιρετισμὸν πρὸς τὸν ἑλληνικὸν λαὸν ἐπ' εὐκαιρίᾳ τῶν ἑορτῶν τοῦ Πάσχα.
ΑΙ ΠΡΟΤΑΣΕΙΣ ΤΟΥ ΕΜΠΟΡΟΒΙΟΜΗΧΑΝΙΚΟΥ ΚΟΣΜΟΥ ΕΠΙ ΤΩΝ ΛΗΦΘΕΝΤΩΝ ΜΕΤΡΩΝ ΔΙΑ ΤΑΣ ΕΙΣΑΓΩΓΑΣ
ΑΘΗΝΑΙ, 29.— Ὁ Ἐμπορικὸς Σύλλογος καὶ ἡ Ὁμοσπονδία Βιομηχάνων ὑπέβαλον εἰς τὸν ὑπουργὸν Ἐμπορίου ὑπόμνημα μὲ τὰς προτάσεις των ἐπὶ τῶν ληφθέντων μέτρων διὰ τὰς εἰσαγωγάς. Εἰς τὸ ὑπόμνημα τονίζεται ἡ ἀνάγκη ἀπλουστεύσεως τῶν διαδικασιῶν καὶ ταχυτέρας ἐκδόσεως τῶν ἀδειῶν.
ΑΘΗΝΑΙ, 29.— Ὁ Ἐμπορικὸς Σύλλογος καὶ ἡ Ὁμοσπονδία Βιομηχάνων ὑπέβαλον εἰς τὸν ὑπουργὸν Ἐμπορίου ὑπόμνημα μὲ τὰς προτάσεις των ἐπὶ τῶν ληφθέντων μέτρων διὰ τὰς εἰσαγωγάς. Εἰς τὸ ὑπόμνημα τονίζεται ἡ ἀνάγκη ἀπλουστεύσεως τῶν διαδικασιῶν καὶ ταχυτέρας ἐκδόσεως τῶν ἀδειῶν.
ΜΕΤΑ ΔΕΚΑΠΕΝΘΗΜΕΡΟΝ ΘΑ ΔΙΕΞΑΧΘΟΥΝ ΑΙ ΔΗΜΟΠΡΑΣΙΑΙ ΔΙΑ ΤΗΝ ΣΥΝΤΗΡΗΣΙΝ ΤΟΥ ΟΔΙΚΟΥ ΔΙΚΤΥΟΥ ΤΗΣ ΧΩΡΑΣ
ΑΘΗΝΑΙ, 29.— Ἐκ τοῦ ὑπουργείου Δημοσίων Ἔργων ἀνεκοινώθη ὅτι μετὰ δεκαπενθήμερον θὰ διεξαχθοῦν αἱ δημοπρασίαι διὰ τὴν συντήρησιν τοῦ ὁδικοῦ δικτύου τῆς χώρας. Τὸ συνολικὸν ποσὸν τῶν πιστώσεων ἀνέρχεται εἰς 150 ἑκατομμύρια δραχμάς.
ΑΘΗΝΑΙ, 29.— Ἐκ τοῦ ὑπουργείου Δημοσίων Ἔργων ἀνεκοινώθη ὅτι μετὰ δεκαπενθήμερον θὰ διεξαχθοῦν αἱ δημοπρασίαι διὰ τὴν συντήρησιν τοῦ ὁδικοῦ δικτύου τῆς χώρας. Τὸ συνολικὸν ποσὸν τῶν πιστώσεων ἀνέρχεται εἰς 150 ἑκατομμύρια δραχμάς.
ΕΙΣ ΕΠΙΣΗΜΟΝ ΤΕΛΕΤΗΝ Ο ΣΤΡΑΤΗΓΟΣ ΓΡΙΒΑΣ ΑΝΕΚΗΡΥΧΘΗ ΕΠΙΤΙΜΟΣ ΠΡΟΕΔΡΟΣ ΤΗΣ ΑΔΕΔΥ
ΑΘΗΝΑΙ, 29.— Εἰς τὴν αἴθουσαν τῆς ΑΔΕΔΥ ἐπραγματοποιήθη σήμερον ἐπίσημος τελετή, κατὰ τὴν ὁποίαν ὁ στρατηγὸς Γρίβας ἀνεκηρύχθη ἐπίτιμος πρόεδρος τῆς Ἀνωτάτης Διοικήσεως Ἑνώσεων Δημοσίων Ὑπαλλήλων. Εἰς τὴν τελετὴν παρέστησαν πολλοὶ ἐπίσημοι.
ΑΘΗΝΑΙ, 29.— Εἰς τὴν αἴθουσαν τῆς ΑΔΕΔΥ ἐπραγματοποιήθη σήμερον ἐπίσημος τελετή, κατὰ τὴν ὁποίαν ὁ στρατηγὸς Γρίβας ἀνεκηρύχθη ἐπίτιμος πρόεδρος τῆς Ἀνωτάτης Διοικήσεως Ἑνώσεων Δημοσίων Ὑπαλλήλων. Εἰς τὴν τελετὴν παρέστησαν πολλοὶ ἐπίσημοι.
Η ΜΟΣΧΑ ΔΙΑΚΟΣΜΕΙΤΑΙ ΜΕΓΑΛΟΠΡΕΠΩΣ ΔΙΑ ΤΟΝ ΕΟΡΤΑΣΜΟΝ ΤΗΣ 1ης ΜΑΪΟΥ
ΜΟΣΧΑ, 29. (Ἀσσ. Πρὲς).— Ἡ Μόσχα διακοσμεῖται μεγαλοπρεπῶς διὰ τὸν ἑορτασμὸν τῆς Πρωτομαγιᾶς. Αἱ κυριώτεραι ὁδοὶ καὶ πλατεῖαι ἐστολίσθησαν μὲ σημαίας καὶ εἰκόνας τῶν ἡγετῶν.
ΜΟΣΧΑ, 29. (Ἀσσ. Πρὲς).— Ἡ Μόσχα διακοσμεῖται μεγαλοπρεπῶς διὰ τὸν ἑορτασμὸν τῆς Πρωτομαγιᾶς. Αἱ κυριώτεραι ὁδοὶ καὶ πλατεῖαι ἐστολίσθησαν μὲ σημαίας καὶ εἰκόνας τῶν ἡγετῶν.
